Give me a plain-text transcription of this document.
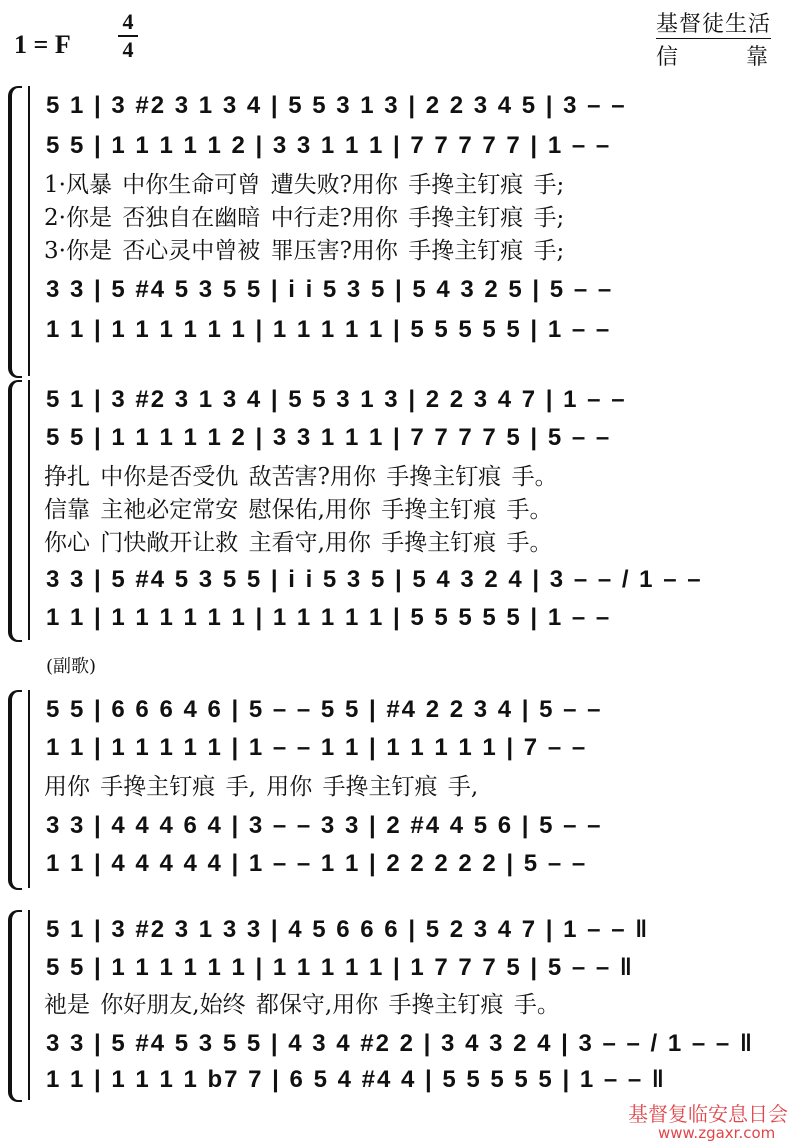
1 = F
4
4
基督徒生活
信	靠
5 1 | 3 #2 3 1 3 4 | 5 5 3 1 3 | 2 2 3 4 5 | 3 – –
5 5 | 1 1 1 1 1 2 | 3 3 1 1 1 | 7 7 7 7 7 | 1 – –
1·风暴 中你生命可曾 遭失败?用你 手搀主钉痕 手;
2·你是 否独自在幽暗 中行走?用你 手搀主钉痕 手;
3·你是 否心灵中曾被 罪压害?用你 手搀主钉痕 手;
3 3 | 5 #4 5 3 5 5 | i i 5 3 5 | 5 4 3 2 5 | 5 – –
1 1 | 1 1 1 1 1 1 | 1 1 1 1 1 | 5 5 5 5 5 | 1 – –
5 1 | 3 #2 3 1 3 4 | 5 5 3 1 3 | 2 2 3 4 7 | 1 – –
5 5 | 1 1 1 1 1 2 | 3 3 1 1 1 | 7 7 7 7 5 | 5 – –
挣扎 中你是否受仇 敌苦害?用你 手搀主钉痕 手。
信靠 主祂必定常安 慰保佑,用你 手搀主钉痕 手。
你心 门快敞开让救 主看守,用你 手搀主钉痕 手。
3 3 | 5 #4 5 3 5 5 | i i 5 3 5 | 5 4 3 2 4 | 3 – – / 1 – –
1 1 | 1 1 1 1 1 1 | 1 1 1 1 1 | 5 5 5 5 5 | 1 – –
(副歌)
5 5 | 6 6 6 4 6 | 5 – – 5 5 | #4 2 2 3 4 | 5 – –
1 1 | 1 1 1 1 1 | 1 – – 1 1 | 1 1 1 1 1 | 7 – –
用你 手搀主钉痕 手, 用你 手搀主钉痕 手,
3 3 | 4 4 4 6 4 | 3 – – 3 3 | 2 #4 4 5 6 | 5 – –
1 1 | 4 4 4 4 4 | 1 – – 1 1 | 2 2 2 2 2 | 5 – –
5 1 | 3 #2 3 1 3 3 | 4 5 6 6 6 | 5 2 3 4 7 | 1 – – ‖
5 5 | 1 1 1 1 1 1 | 1 1 1 1 1 | 1 7 7 7 5 | 5 – – ‖
祂是 你好朋友,始终 都保守,用你 手搀主钉痕 手。
3 3 | 5 #4 5 3 5 5 | 4 3 4 #2 2 | 3 4 3 2 4 | 3 – – / 1 – – ‖
1 1 | 1 1 1 1 b7 7 | 6 5 4 #4 4 | 5 5 5 5 5 | 1 – – ‖
基督复临安息日会
www.zgaxr.com
